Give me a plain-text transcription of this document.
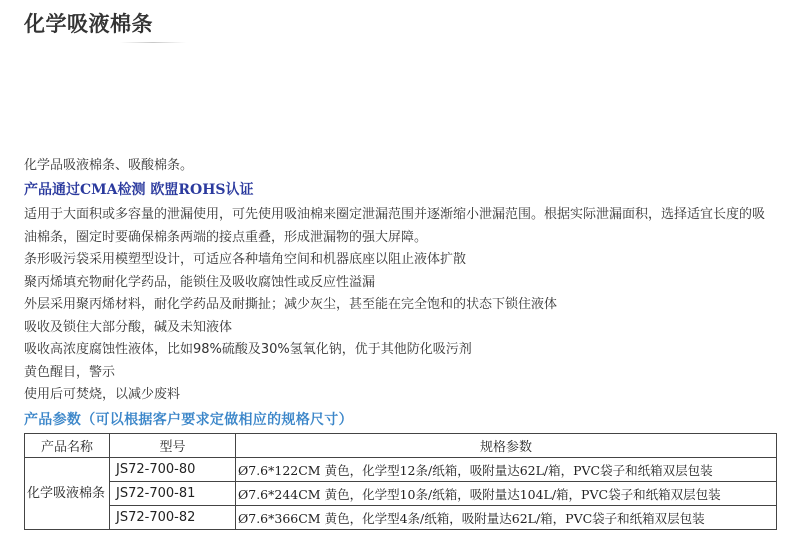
化学吸液棉条
化学品吸液棉条、吸酸棉条。
产品通过CMA检测 欧盟ROHS认证

适用于大面积或多容量的泄漏使用，可先使用吸油棉来圈定泄漏范围并逐渐缩小泄漏范围。根据实际泄漏面积，选择适宜长度的吸油棉条，圈定时要确保棉条两端的接点重叠，形成泄漏物的强大屏障。

条形吸污袋采用模塑型设计，可适应各种墙角空间和机器底座以阻止液体扩散

聚丙烯填充物耐化学药品，能锁住及吸收腐蚀性或反应性溢漏

外层采用聚丙烯材料，耐化学药品及耐撕扯；减少灰尘，甚至能在完全饱和的状态下锁住液体

吸收及锁住大部分酸，碱及未知液体

吸收高浓度腐蚀性液体，比如98%硫酸及30%氢氧化钠，优于其他防化吸污剂

黄色醒目，警示

使用后可焚烧，以减少废料

产品参数（可以根据客户要求定做相应的规格尺寸）
产品名称	型号	规格参数
化学吸液棉条	JS72-700-80	Ø7.6*122CM 黄色，化学型12条/纸箱，吸附量达62L/箱，PVC袋子和纸箱双层包装
	JS72-700-81	Ø7.6*244CM 黄色，化学型10条/纸箱，吸附量达104L/箱，PVC袋子和纸箱双层包装
	JS72-700-82	Ø7.6*366CM 黄色，化学型4条/纸箱，吸附量达62L/箱，PVC袋子和纸箱双层包装
